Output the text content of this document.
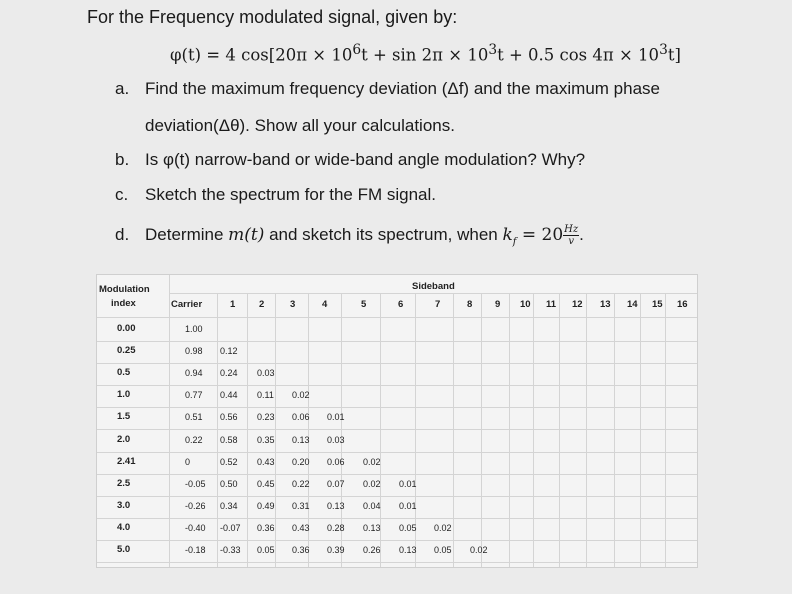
For the Frequency modulated signal, given by:
φ(t) = 4 $\cos[20\pi \times 10^6t + \sin 2\pi \times 10^3t + 0.5$ $\cos 4\pi \times 10^3t$]
a. Find the maximum frequency deviation (Δf) and the maximum phase
deviation(Δθ). Show all your calculations.
b. Is φ(t) narrow-band or wide-band angle modulation? Why?
c. Sketch the spectrum for the FM signal.
d. Determine m(t) and sketch its spectrum, when $k_f = 20 \frac{Hz}{v}$ .
Modulation
index
Sideband
Carrier	1 2	3	4	5	6	7	8 9 10 11 12 13 14 15 16
0.00	1.00
0.25	0.98 0.12
0.5	0.94 0.24 0.03
1.0	0.77 0.44 0.11 0.02
1.5	0.51 0.56 0.23 0.06 0.01
2.0	0.22 0.58 0.35 0.13 0.03
2.41	0	0.52 0.43 0.20 0.06 0.02
2.5	-0.05 0.50 0.45 0.22 0.07 0.02 0.01
3.0	-0.26 0.34 0.49 0.31 0.13 0.04 0.01
4.0	-0.40 -0.07 0.36 0.43 0.28 0.13 0.05 0.02
5.0	-0.18 -0.33 0.05 0.36 0.39 0.26 0.13 0.05 0.02
